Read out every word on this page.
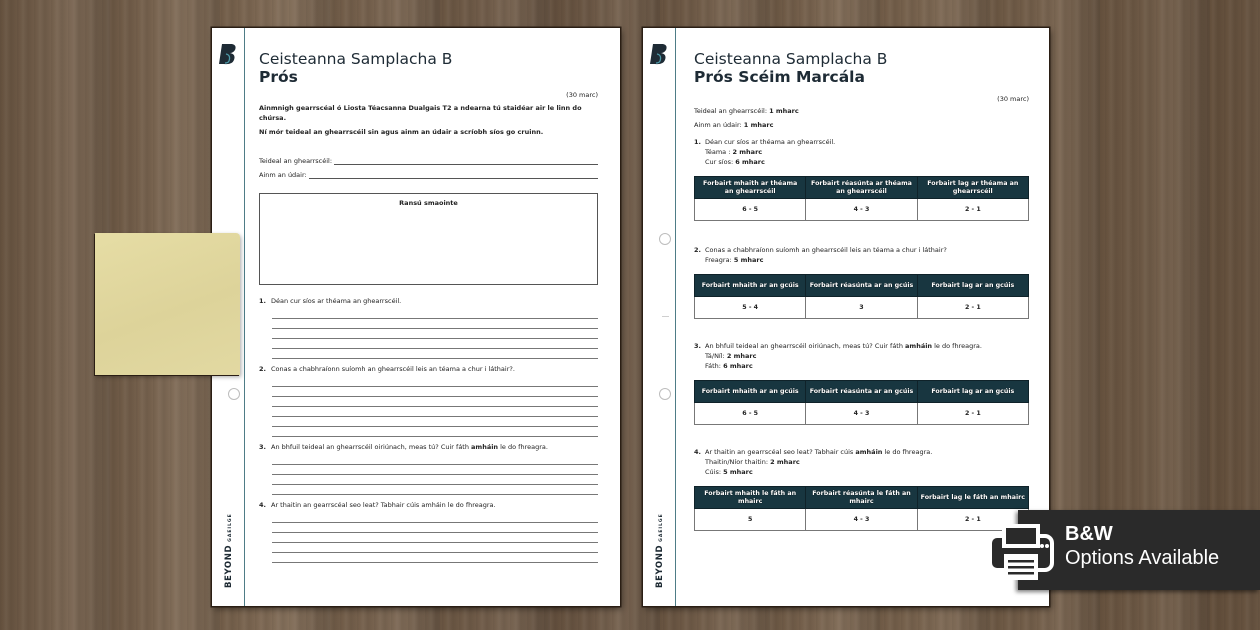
BEYONDGAEILGE
Ceisteanna Samplacha B
Prós
(30 marc)
Ainmnigh gearrscéal ó Liosta Téacsanna Dualgais T2 a ndearna tú staidéar air le linn do chúrsa.
Ní mór teideal an ghearrscéil sin agus ainm an údair a scríobh síos go cruinn.
Teideal an ghearrscéil:
Ainm an údair:
Ransú smaointe
1. Déan cur síos ar théama an ghearrscéil.
2. Conas a chabhraíonn suíomh an ghearrscéil leis an téama a chur i láthair?.
3. An bhfuil teideal an ghearrscéil oiriúnach, meas tú? Cuir fáth amháin le do fhreagra.
4. Ar thaitin an gearrscéal seo leat? Tabhair cúis amháin le do fhreagra.
BEYONDGAEILGE
Ceisteanna Samplacha B
Prós Scéim Marcála
(30 marc)
Teideal an ghearrscéil: 1 mharc
Ainm an údair: 1 mharc
1. Déan cur síos ar théama an ghearrscéil.
Téama : 2 mharc
Cur síos: 6 mharc
Forbairt mhaith ar théama an ghearrscéil	Forbairt réasúnta ar théama an ghearrscéil	Forbairt lag ar théama an ghearrscéil
6 - 5	4 - 3	2 - 1
2. Conas a chabhraíonn suíomh an ghearrscéil leis an téama a chur i láthair?
Freagra: 5 mharc
Forbairt mhaith ar an gcúis	Forbairt réasúnta ar an gcúis	Forbairt lag ar an gcúis
5 - 4	3	2 - 1
3. An bhfuil teideal an ghearrscéil oiriúnach, meas tú? Cuir fáth amháin le do fhreagra.
Tá/Níl: 2 mharc
Fáth: 6 mharc
Forbairt mhaith ar an gcúis	Forbairt réasúnta ar an gcúis	Forbairt lag ar an gcúis
6 - 5	4 - 3	2 - 1
4. Ar thaitin an gearrscéal seo leat? Tabhair cúis amháin le do fhreagra.
Thaitin/Níor thaitin: 2 mharc
Cúis: 5 mharc
Forbairt mhaith le fáth an mhairc	Forbairt réasúnta le fáth an mhairc	Forbairt lag le fáth an mhairc
5	4 - 3	2 - 1
B&W
Options Available
